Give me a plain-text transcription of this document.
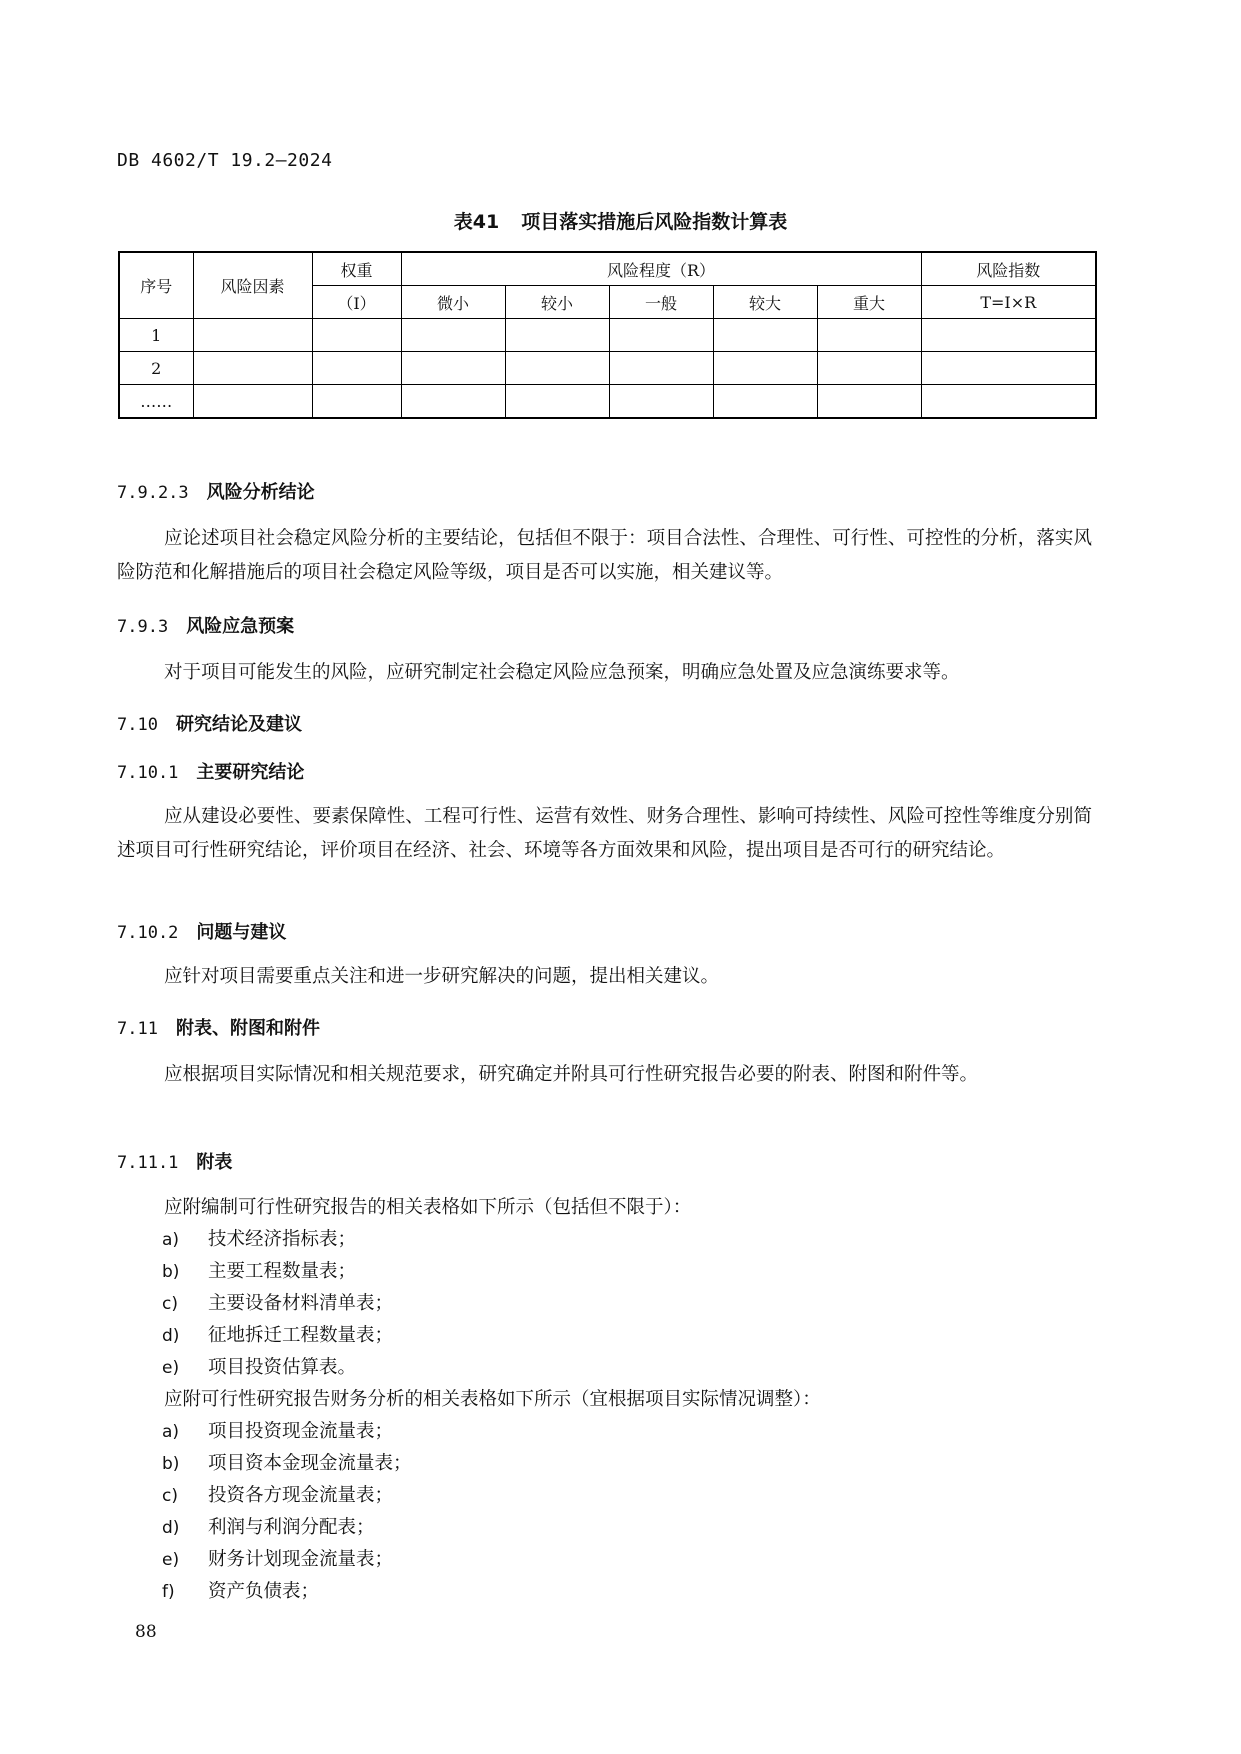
DB 4602/T 19.2—2024
表41 项目落实措施后风险指数计算表
序号	风险因素	权重	风险程度（R）					风险指数
		（I）	微小	较小	一般	较大	重大	T=I×R
1								
2								
……								
7.9.2.3 风险分析结论
应论述项目社会稳定风险分析的主要结论，包括但不限于：项目合法性、合理性、可行性、可控性的分析，落实风险防范和化解措施后的项目社会稳定风险等级，项目是否可以实施，相关建议等。
7.9.3 风险应急预案
对于项目可能发生的风险，应研究制定社会稳定风险应急预案，明确应急处置及应急演练要求等。
7.10 研究结论及建议
7.10.1 主要研究结论
应从建设必要性、要素保障性、工程可行性、运营有效性、财务合理性、影响可持续性、风险可控性等维度分别简述项目可行性研究结论，评价项目在经济、社会、环境等各方面效果和风险，提出项目是否可行的研究结论。
7.10.2 问题与建议
应针对项目需要重点关注和进一步研究解决的问题，提出相关建议。
7.11 附表、附图和附件
应根据项目实际情况和相关规范要求，研究确定并附具可行性研究报告必要的附表、附图和附件等。
7.11.1 附表
应附编制可行性研究报告的相关表格如下所示（包括但不限于）：
a) 技术经济指标表；
b) 主要工程数量表；
c) 主要设备材料清单表；
d) 征地拆迁工程数量表；
e) 项目投资估算表。
应附可行性研究报告财务分析的相关表格如下所示（宜根据项目实际情况调整）：
a) 项目投资现金流量表；
b) 项目资本金现金流量表；
c) 投资各方现金流量表；
d) 利润与利润分配表；
e) 财务计划现金流量表；
f) 资产负债表；
88
